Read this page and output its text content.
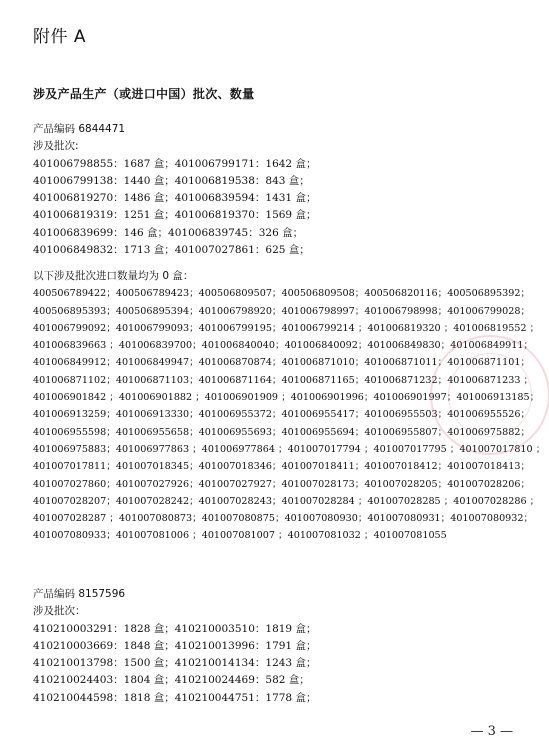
附件 A
涉及产品生产（或进口中国）批次、数量
产品编码 6844471
涉及批次:
401006798855：1687 盒；401006799171：1642 盒；
401006799138：1440 盒；401006819538：843 盒；
401006819270：1486 盒；401006839594：1431 盒；
401006819319：1251 盒；401006819370：1569 盒；
401006839699：146 盒；401006839745：326 盒；
401006849832：1713 盒；401007027861：625 盒；
以下涉及批次进口数量均为 0 盒：
400506789422；400506789423；400506809507；400506809508；400506820116；400506895392；
400506895393；400506895394；401006798920；401006798997；401006798998；401006799028；
401006799092；401006799093；401006799195；401006799214 ；401006819320 ；401006819552 ；
401006839663 ；401006839700；401006840040；401006840092；401006849830；401006849911；
401006849912；401006849947；401006870874；401006871010；401006871011；401006871101；
401006871102；401006871103；401006871164；401006871165；401006871232；401006871233 ；
401006901842 ；401006901882 ；401006901909 ；401006901996；401006901997；401006913185；
401006913259；401006913330；401006955372；401006955417；401006955503；401006955526；
401006955598；401006955658；401006955693；401006955694；401006955807；401006975882；
401006975883；401006977863 ；401006977864 ；401007017794 ；401007017795 ；401007017810 ；
401007017811；401007018345；401007018346；401007018411；401007018412；401007018413；
401007027860；401007027926；401007027927；401007028173；401007028205；401007028206；
401007028207；401007028242；401007028243；401007028284 ；401007028285 ；401007028286 ；
401007028287 ；401007080873；401007080875；401007080930；401007080931；401007080932；
401007080933；401007081006 ；401007081007 ；401007081032 ；401007081055
产品编码 8157596
涉及批次：
410210003291：1828 盒；410210003510：1819 盒；
410210003669：1848 盒；410210013996：1791 盒；
410210013798：1500 盒；410210014134：1243 盒；
410210024403：1804 盒；410210024469：582 盒；
410210044598：1818 盒；410210044751：1778 盒；
— 3 —
